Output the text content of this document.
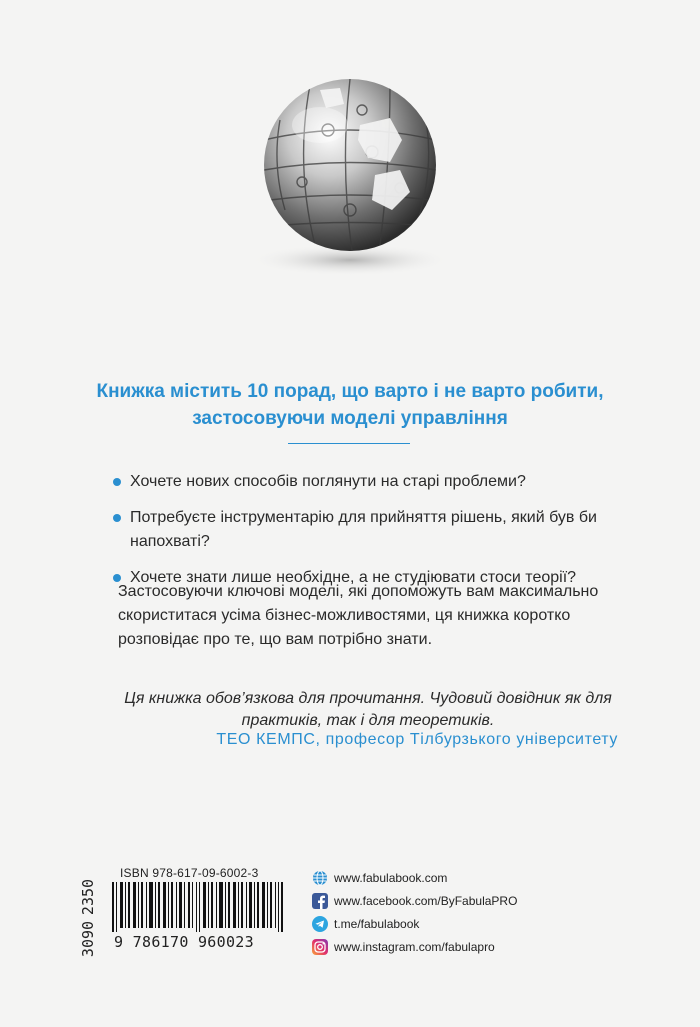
Книжка містить 10 порад, що варто і не варто робити,
застосовуючи моделі управління
Хочете нових способів поглянути на старі проблеми?
Потребуєте інструментарію для прийняття рішень, який був би напохваті?
Хочете знати лише необхідне, а не студіювати стоси теорії?
Застосовуючи ключові моделі, які допоможуть вам максимально скориститася усіма бізнес-можливостями, ця книжка коротко розповідає про те, що вам потрібно знати.
Ця книжка обов’язкова для прочитання. Чудовий довідник як для практиків, так і для теоретиків.
ТЕО КЕМПС, професор Тілбурзького університету
2350
3090
ISBN 978-617-09-6002-3
9 786170 960023
www.fabulabook.com
www.facebook.com/ByFabulaPRO
t.me/fabulabook
www.instagram.com/fabulapro
